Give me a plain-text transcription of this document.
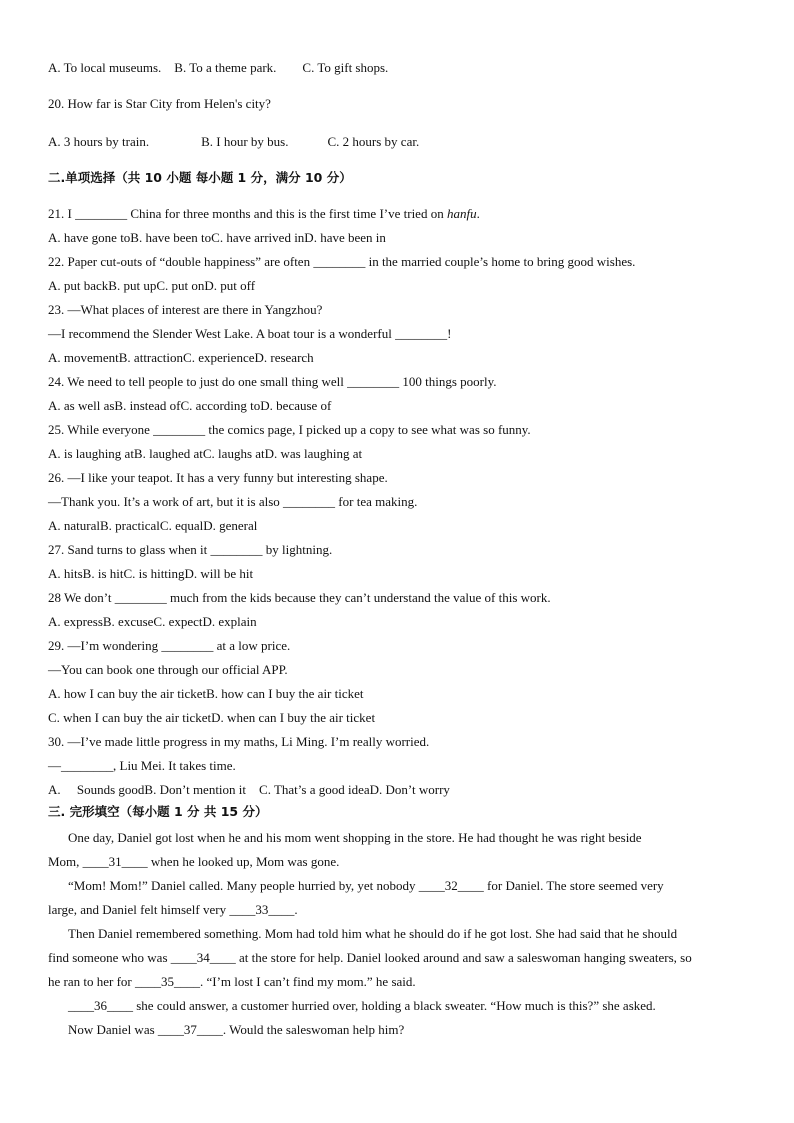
A. To local museums.    B. To a theme park.        C. To gift shops.
20. How far is Star City from Helen's city?
A. 3 hours by train.                B. I hour by bus.            C. 2 hours by car.
二.单项选择（共 10 小题 每小题 1 分，满分 10 分）
21. I ________ China for three months and this is the first time I’ve tried on hanfu.
A. have gone toB. have been toC. have arrived inD. have been in
22. Paper cut-outs of “double happiness” are often ________ in the married couple’s home to bring good wishes.
A. put backB. put upC. put onD. put off
23. —What places of interest are there in Yangzhou?
—I recommend the Slender West Lake. A boat tour is a wonderful ________!
A. movementB. attractionC. experienceD. research
24. We need to tell people to just do one small thing well ________ 100 things poorly.
A. as well asB. instead ofC. according toD. because of
25. While everyone ________ the comics page, I picked up a copy to see what was so funny.
A. is laughing atB. laughed atC. laughs atD. was laughing at
26. —I like your teapot. It has a very funny but interesting shape.
—Thank you. It’s a work of art, but it is also ________ for tea making.
A. naturalB. practicalC. equalD. general
27. Sand turns to glass when it ________ by lightning.
A. hitsB. is hitC. is hittingD. will be hit
28 We don’t ________ much from the kids because they can’t understand the value of this work.
A. expressB. excuseC. expectD. explain
29. —I’m wondering ________ at a low price.
—You can book one through our official APP.
A. how I can buy the air ticketB. how can I buy the air ticket
C. when I can buy the air ticketD. when can I buy the air ticket
30. —I’ve made little progress in my maths, Li Ming. I’m really worried.
—________, Liu Mei. It takes time.
A.     Sounds goodB. Don’t mention it    C. That’s a good ideaD. Don’t worry
三. 完形填空（每小题 1 分 共 15 分）
One day, Daniel got lost when he and his mom went shopping in the store. He had thought he was right beside
Mom, ____31____ when he looked up, Mom was gone.
“Mom! Mom!” Daniel called. Many people hurried by, yet nobody ____32____ for Daniel. The store seemed very
large, and Daniel felt himself very ____33____.
Then Daniel remembered something. Mom had told him what he should do if he got lost. She had said that he should
find someone who was ____34____ at the store for help. Daniel looked around and saw a saleswoman hanging sweaters, so
he ran to her for ____35____. “I’m lost I can’t find my mom.” he said.
____36____ she could answer, a customer hurried over, holding a black sweater. “How much is this?” she asked.
Now Daniel was ____37____. Would the saleswoman help him?
